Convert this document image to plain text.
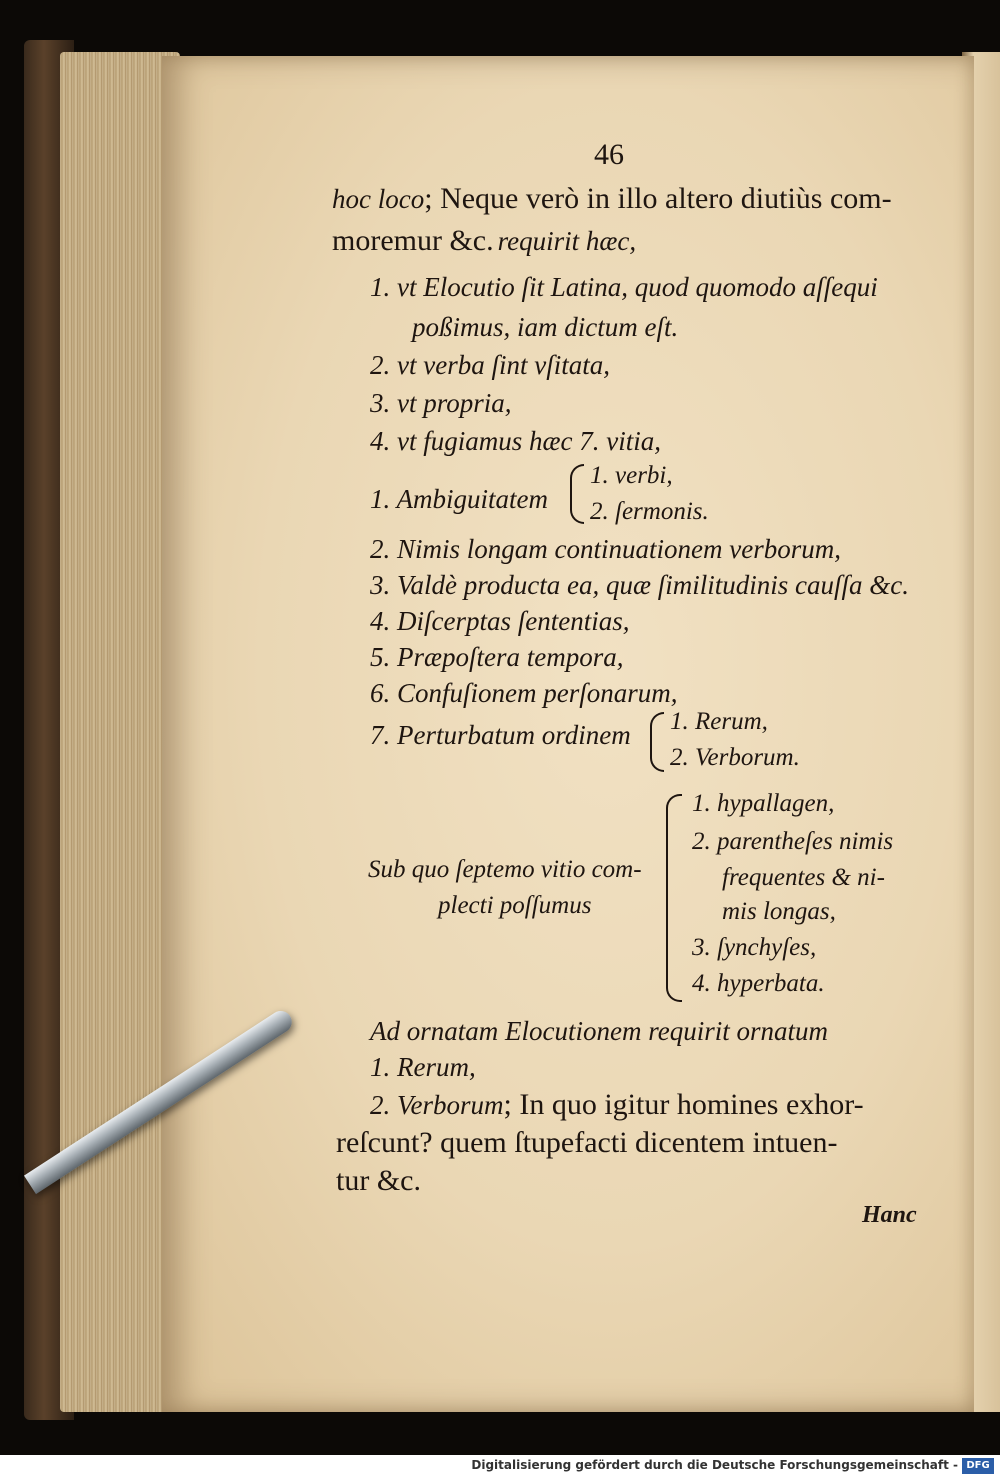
46
hoc loco; Neque verò in illo altero diutiùs com-
moremur &c. requirit hæc,
1. vt Elocutio ſit Latina, quod quomodo aſſequi
poßimus, iam dictum eſt.
2. vt verba ſint vſitata,
3. vt propria,
4. vt fugiamus hæc 7. vitia,
1. Ambiguitatem
1. verbi,
2. ſermonis.
2. Nimis longam continuationem verborum,
3. Valdè producta ea, quæ ſimilitudinis cauſſa &c.
4. Diſcerptas ſententias,
5. Præpoſtera tempora,
6. Confuſionem perſonarum,
7. Perturbatum ordinem 1. Rerum,
2. Verborum.
Sub quo ſeptemo vitio com-
plecti poſſumus
1. hypallagen,
2. parentheſes nimis
frequentes & ni-
mis longas,
3. ſynchyſes,
4. hyperbata.
Ad ornatam Elocutionem requirit ornatum
1. Rerum,
2. Verborum; In quo igitur homines exhor-
reſcunt? quem ſtupefacti dicentem intuen-
tur &c.
Hanc
Digitalisierung gefördert durch die Deutsche Forschungsgemeinschaft - DFG
